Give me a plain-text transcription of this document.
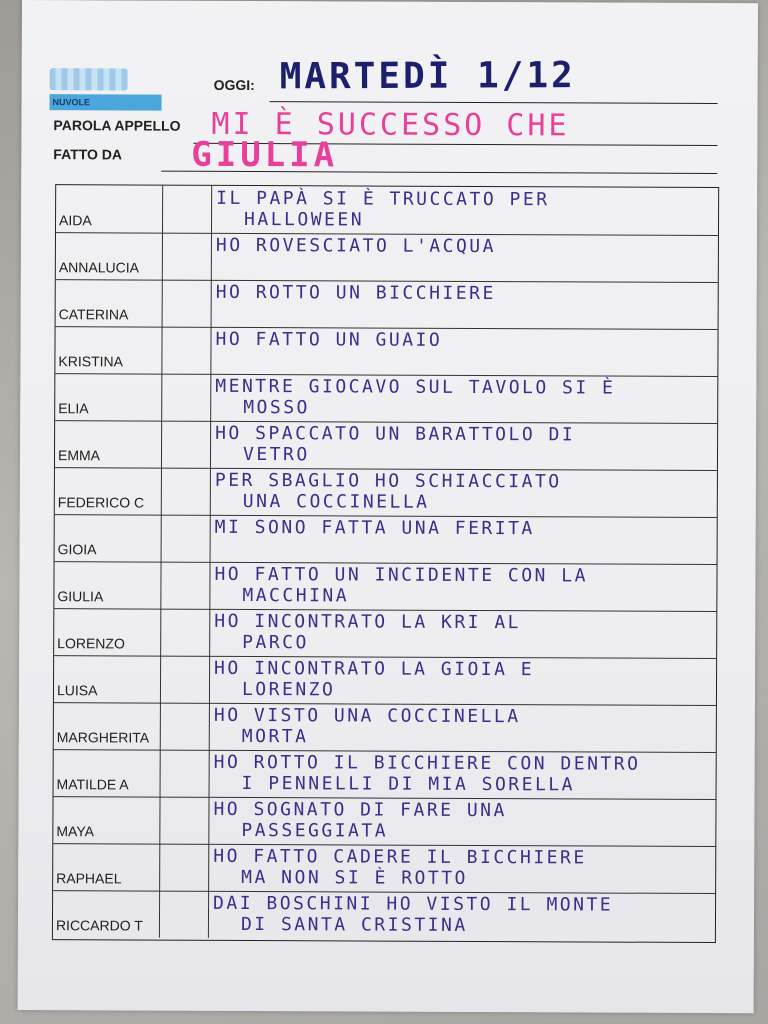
NUVOLE
OGGI: MARTEDÌ 1/12
PAROLA APPELLO MI È SUCCESSO CHE
FATTO DA GIULIA
AIDA
IL PAPÀ SI È TRUCCATO PER
HALLOWEEN
ANNALUCIA
HO ROVESCIATO L'ACQUA
CATERINA
HO ROTTO UN BICCHIERE
KRISTINA
HO FATTO UN GUAIO
ELIA
MENTRE GIOCAVO SUL TAVOLO SI È
MOSSO
EMMA
HO SPACCATO UN BARATTOLO DI
VETRO
FEDERICO C
PER SBAGLIO HO SCHIACCIATO
UNA COCCINELLA
GIOIA
MI SONO FATTA UNA FERITA
GIULIA
HO FATTO UN INCIDENTE CON LA
MACCHINA
LORENZO
HO INCONTRATO LA KRI AL
PARCO
LUISA
HO INCONTRATO LA GIOIA E
LORENZO
MARGHERITA
HO VISTO UNA COCCINELLA
MORTA
MATILDE A
HO ROTTO IL BICCHIERE CON DENTRO
I PENNELLI DI MIA SORELLA
MAYA
HO SOGNATO DI FARE UNA
PASSEGGIATA
RAPHAEL
HO FATTO CADERE IL BICCHIERE
MA NON SI È ROTTO
RICCARDO T
DAI BOSCHINI HO VISTO IL MONTE
DI SANTA CRISTINA
